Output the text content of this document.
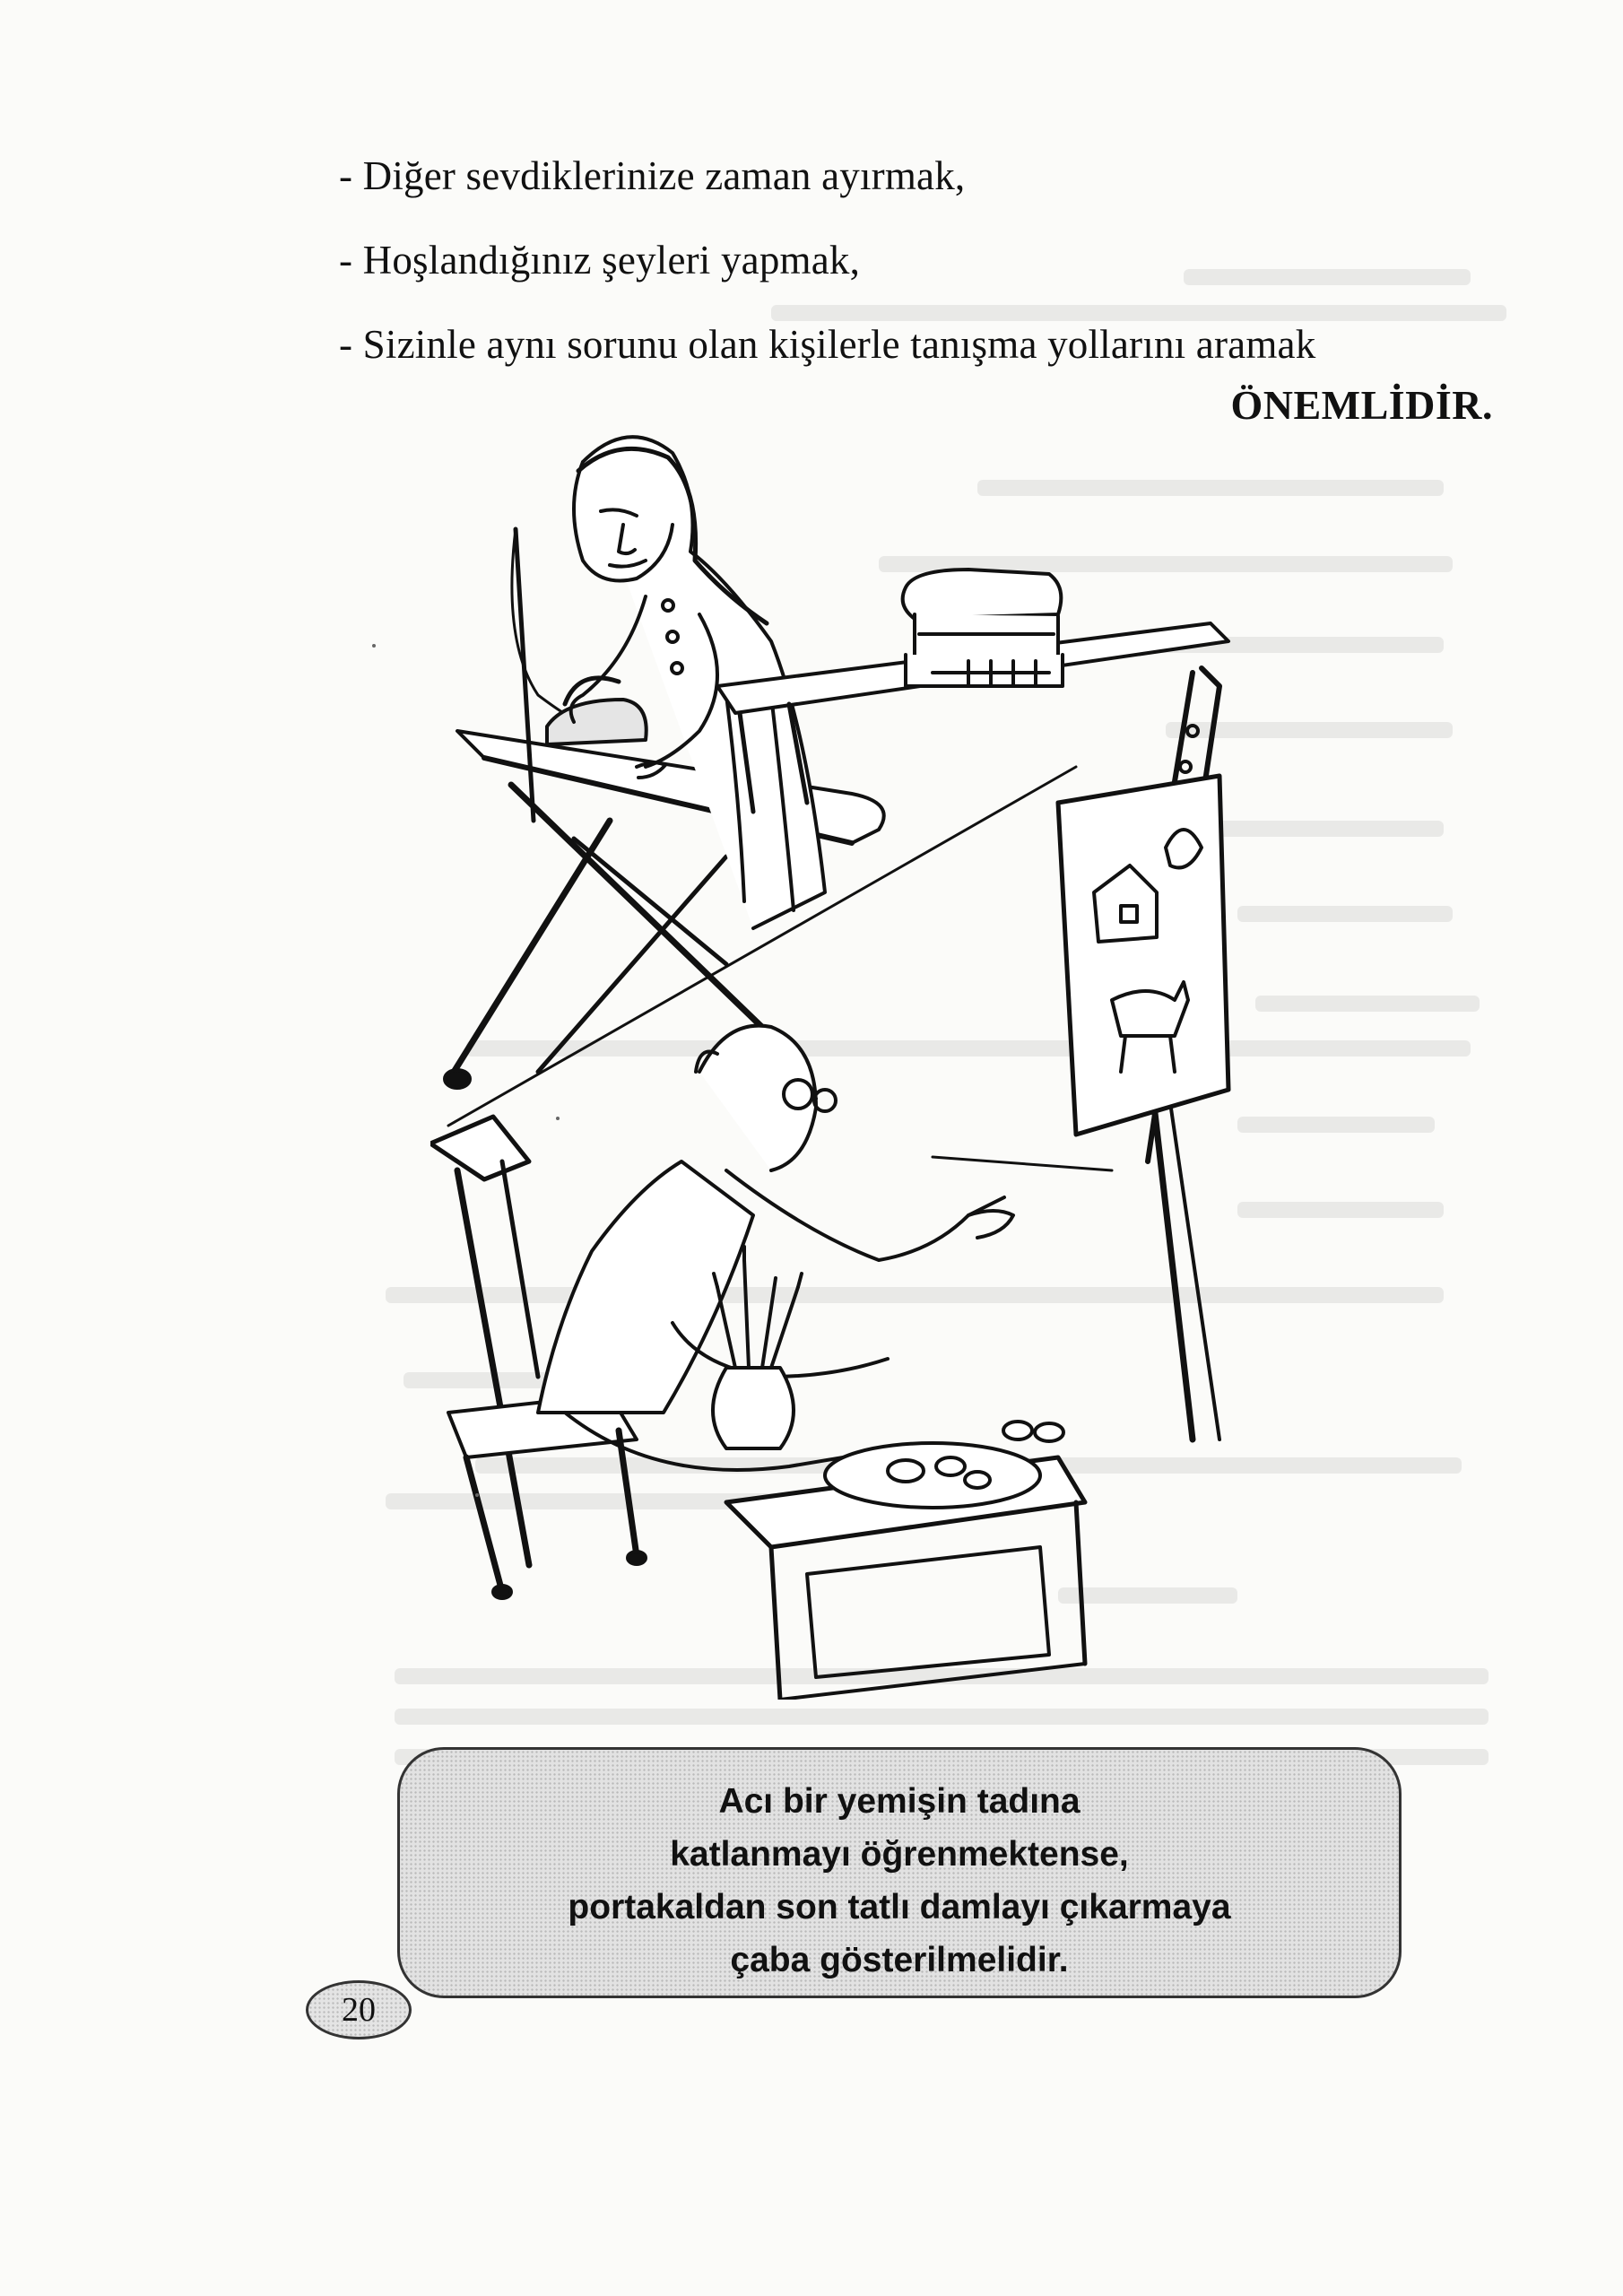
- Diğer sevdiklerinize zaman ayırmak,
- Hoşlandığınız şeyleri yapmak,
- Sizinle aynı sorunu olan kişilerle tanışma yollarını aramak
ÖNEMLİDİR.
Acı bir yemişin tadına
katlanmayı öğrenmektense,
portakaldan son tatlı damlayı çıkarmaya
çaba gösterilmelidir.
20
